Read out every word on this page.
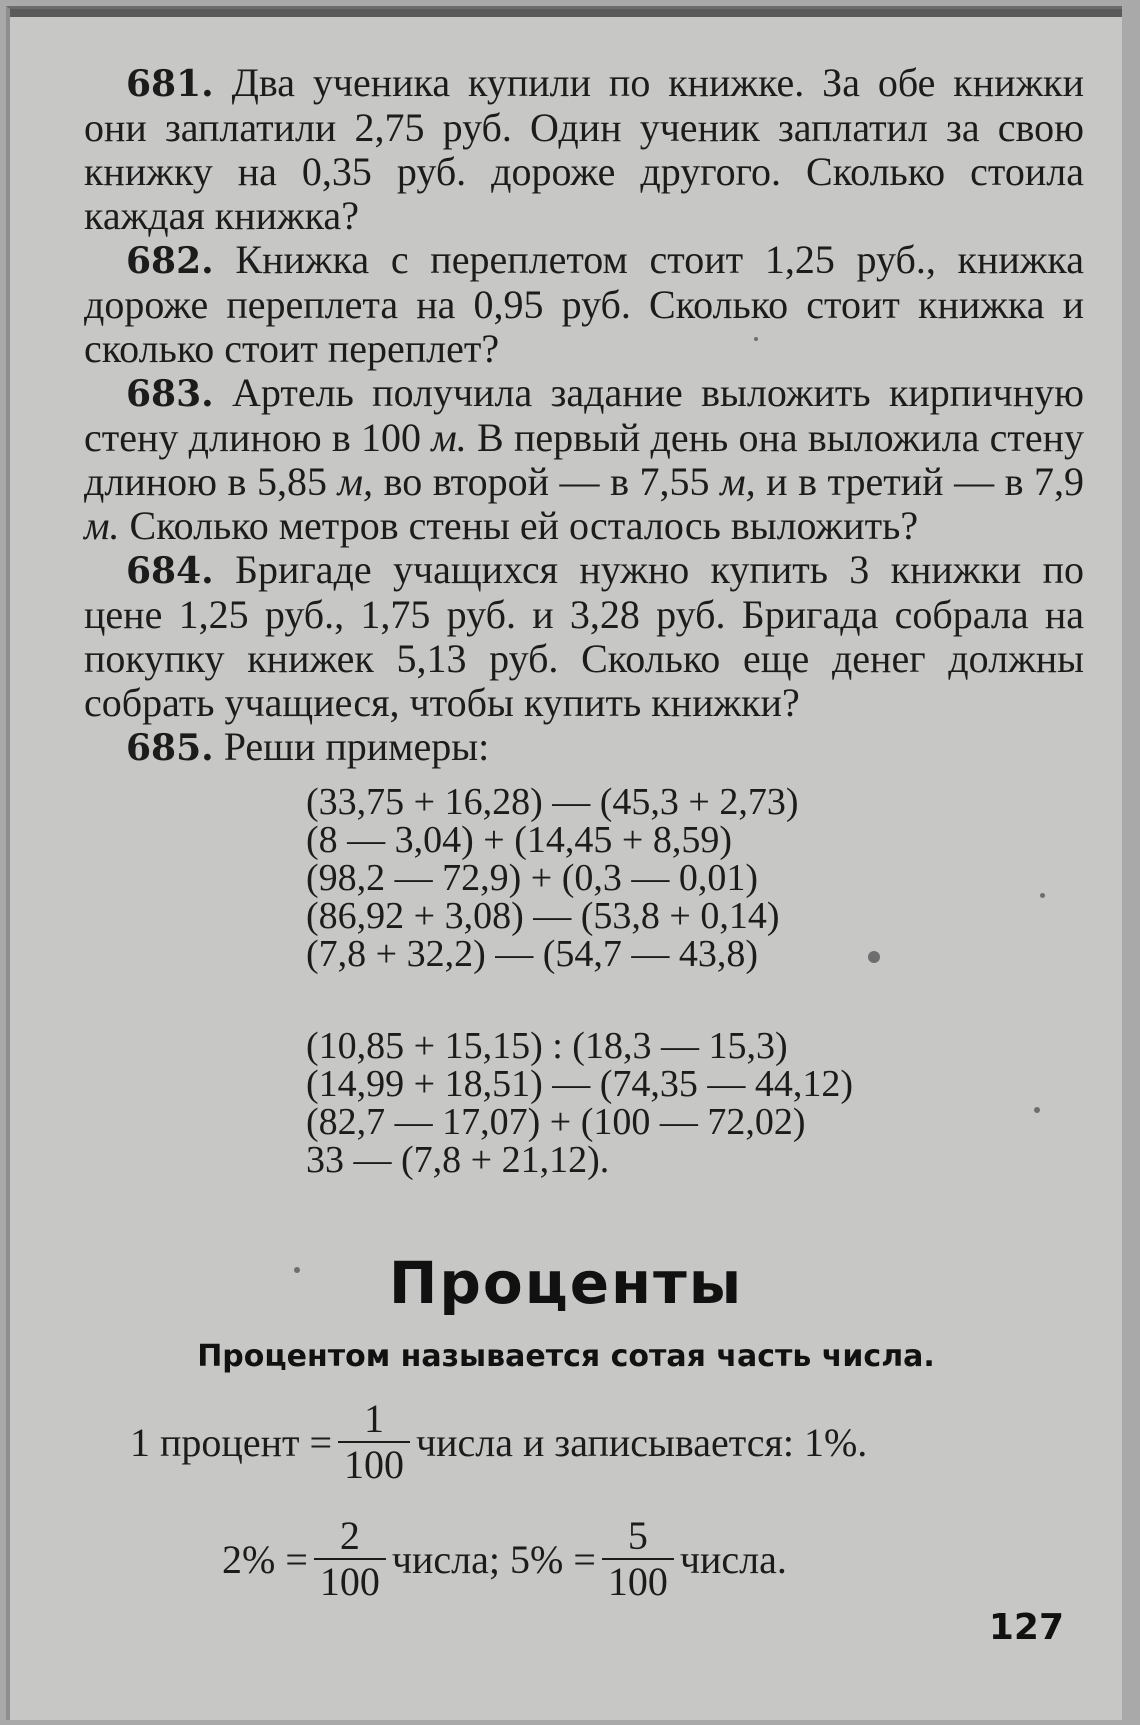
681. Два ученика купили по книжке. За обе книжки они заплатили 2,75 руб. Один ученик заплатил за свою книжку на 0,35 руб. дороже другого. Сколько стоила каждая книжка?

682. Книжка с переплетом стоит 1,25 руб., книжка дороже переплета на 0,95 руб. Сколько стоит книжка и сколько стоит переплет?

683. Артель получила задание выложить кирпичную стену длиною в 100 м. В первый день она выложила стену длиною в 5,85 м, во второй — в 7,55 м, и в третий — в 7,9 м. Сколько метров стены ей осталось выложить?

684. Бригаде учащихся нужно купить 3 книжки по цене 1,25 руб., 1,75 руб. и 3,28 руб. Бригада собрала на покупку книжек 5,13 руб. Сколько еще денег должны собрать учащиеся, чтобы купить книжки?

685. Реши примеры:

(33,75 + 16,28) — (45,3 + 2,73)
(8 — 3,04) + (14,45 + 8,59)
(98,2 — 72,9) + (0,3 — 0,01)
(86,92 + 3,08) — (53,8 + 0,14)
(7,8 + 32,2) — (54,7 — 43,8)
(10,85 + 15,15) : (18,3 — 15,3)
(14,99 + 18,51) — (74,35 — 44,12)
(82,7 — 17,07) + (100 — 72,02)
33 — (7,8 + 21,12).
Проценты
Процентом называется сотая часть числа.
1 процент = $\frac{1}{100}$ числа и записывается: 1%.
$2\% = \frac{2}{100}$ числа; $5\% = \frac{5}{100}$ числа.
127
